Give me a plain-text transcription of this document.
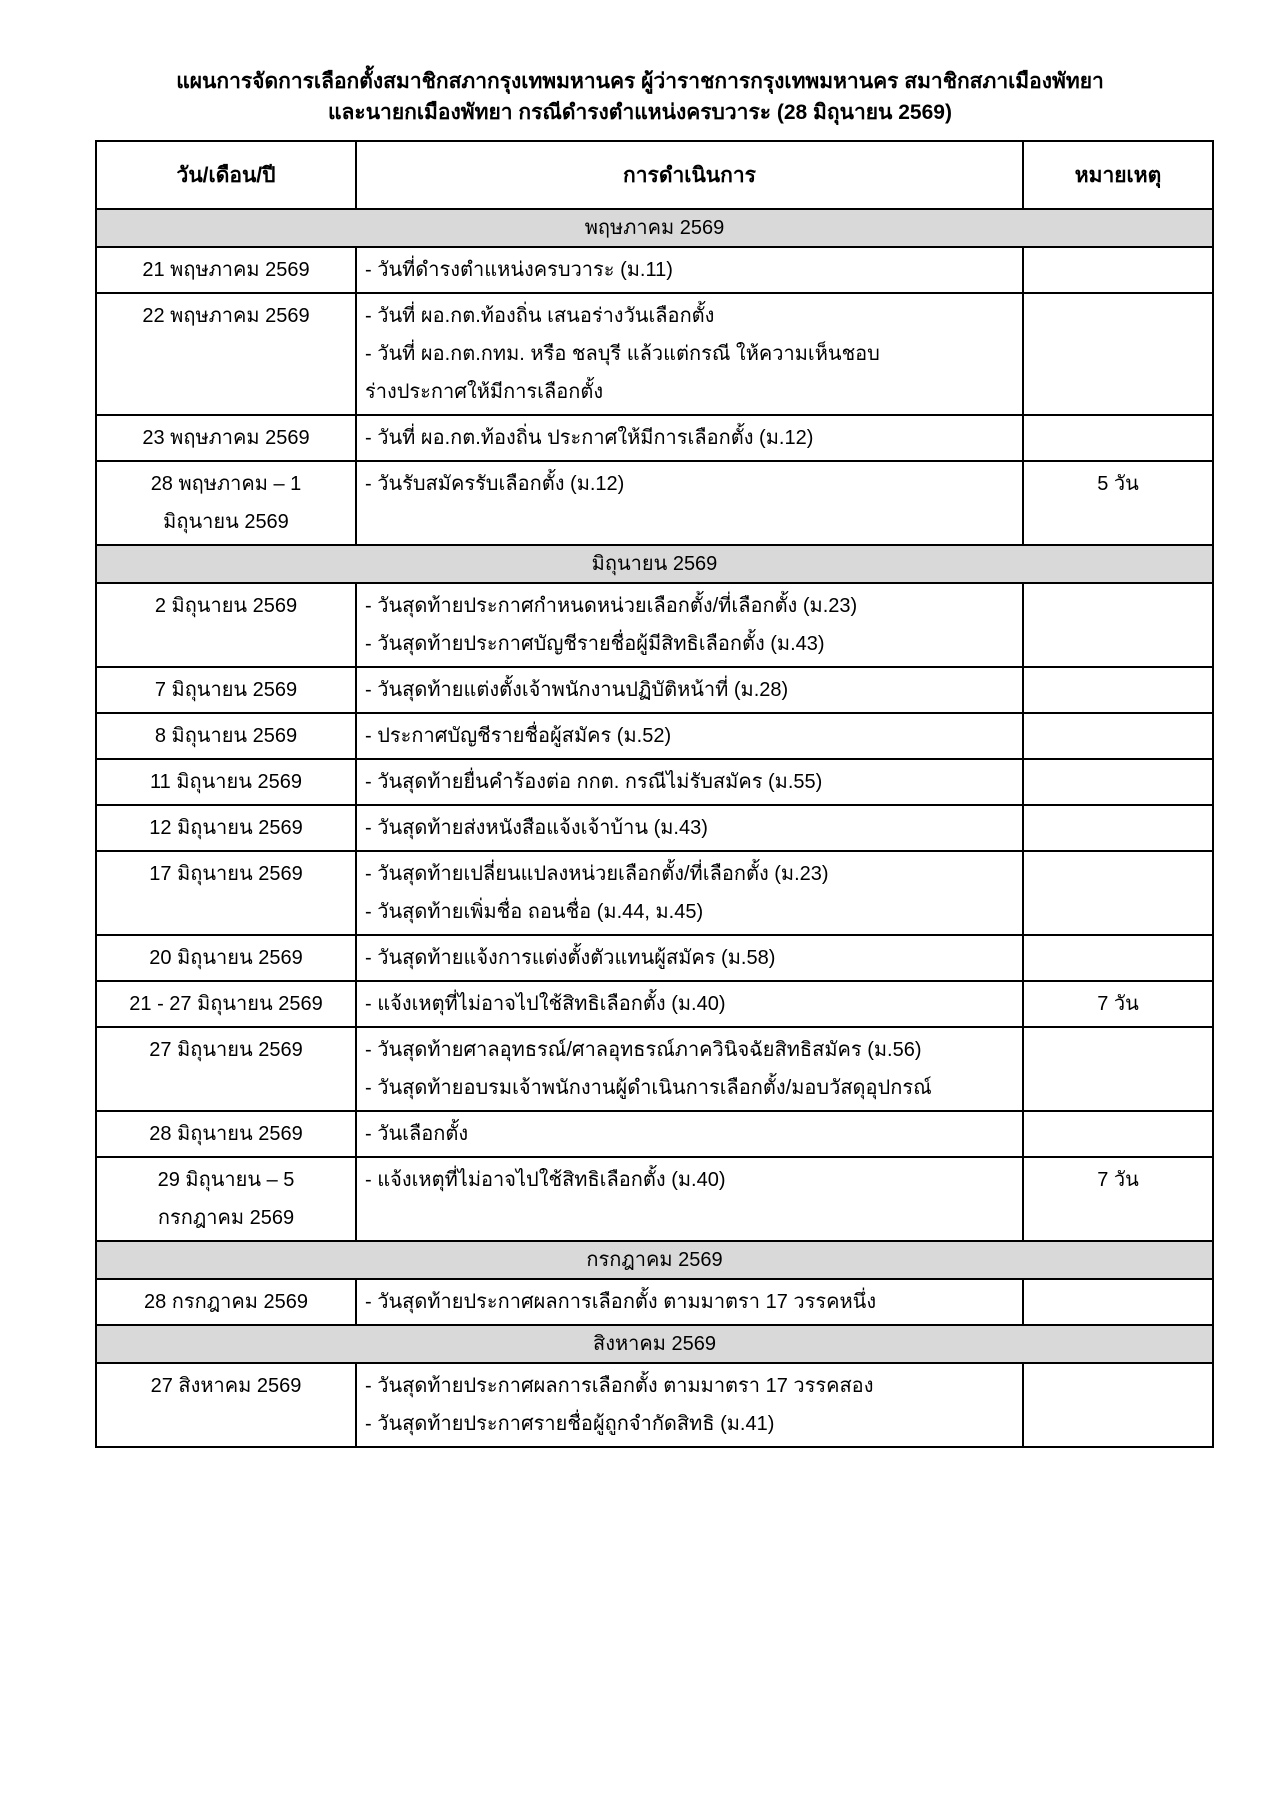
แผนการจัดการเลือกตั้งสมาชิกสภากรุงเทพมหานคร ผู้ว่าราชการกรุงเทพมหานคร สมาชิกสภาเมืองพัทยา
และนายกเมืองพัทยา กรณีดำรงตำแหน่งครบวาระ (28 มิถุนายน 2569)
วัน/เดือน/ปี	การดำเนินการ	หมายเหตุ
พฤษภาคม 2569		

21 พฤษภาคม 2569	- วันที่ดำรงตำแหน่งครบวาระ (ม.11)	

22 พฤษภาคม 2569	- วันที่ ผอ.กต.ท้องถิ่น เสนอร่างวันเลือกตั้ง
- วันที่ ผอ.กต.กทม. หรือ ชลบุรี แล้วแต่กรณี ให้ความเห็นชอบ
ร่างประกาศให้มีการเลือกตั้ง	

23 พฤษภาคม 2569	- วันที่ ผอ.กต.ท้องถิ่น ประกาศให้มีการเลือกตั้ง (ม.12)	

28 พฤษภาคม – 1
มิถุนายน 2569	- วันรับสมัครรับเลือกตั้ง (ม.12)	5 วัน

มิถุนายน 2569		

2 มิถุนายน 2569	- วันสุดท้ายประกาศกำหนดหน่วยเลือกตั้ง/ที่เลือกตั้ง (ม.23)
- วันสุดท้ายประกาศบัญชีรายชื่อผู้มีสิทธิเลือกตั้ง (ม.43)	

7 มิถุนายน 2569	- วันสุดท้ายแต่งตั้งเจ้าพนักงานปฏิบัติหน้าที่ (ม.28)	

8 มิถุนายน 2569	- ประกาศบัญชีรายชื่อผู้สมัคร (ม.52)	

11 มิถุนายน 2569	- วันสุดท้ายยื่นคำร้องต่อ กกต. กรณีไม่รับสมัคร (ม.55)	

12 มิถุนายน 2569	- วันสุดท้ายส่งหนังสือแจ้งเจ้าบ้าน (ม.43)	

17 มิถุนายน 2569	- วันสุดท้ายเปลี่ยนแปลงหน่วยเลือกตั้ง/ที่เลือกตั้ง (ม.23)
- วันสุดท้ายเพิ่มชื่อ ถอนชื่อ (ม.44, ม.45)	

20 มิถุนายน 2569	- วันสุดท้ายแจ้งการแต่งตั้งตัวแทนผู้สมัคร (ม.58)	

21 - 27 มิถุนายน 2569	- แจ้งเหตุที่ไม่อาจไปใช้สิทธิเลือกตั้ง (ม.40)	7 วัน

27 มิถุนายน 2569	- วันสุดท้ายศาลอุทธรณ์/ศาลอุทธรณ์ภาควินิจฉัยสิทธิสมัคร (ม.56)
- วันสุดท้ายอบรมเจ้าพนักงานผู้ดำเนินการเลือกตั้ง/มอบวัสดุอุปกรณ์	

28 มิถุนายน 2569	- วันเลือกตั้ง	

29 มิถุนายน – 5
กรกฎาคม 2569	- แจ้งเหตุที่ไม่อาจไปใช้สิทธิเลือกตั้ง (ม.40)	7 วัน

กรกฎาคม 2569		

28 กรกฎาคม 2569	- วันสุดท้ายประกาศผลการเลือกตั้ง ตามมาตรา 17 วรรคหนึ่ง	

สิงหาคม 2569		

27 สิงหาคม 2569	- วันสุดท้ายประกาศผลการเลือกตั้ง ตามมาตรา 17 วรรคสอง
- วันสุดท้ายประกาศรายชื่อผู้ถูกจำกัดสิทธิ (ม.41)	
